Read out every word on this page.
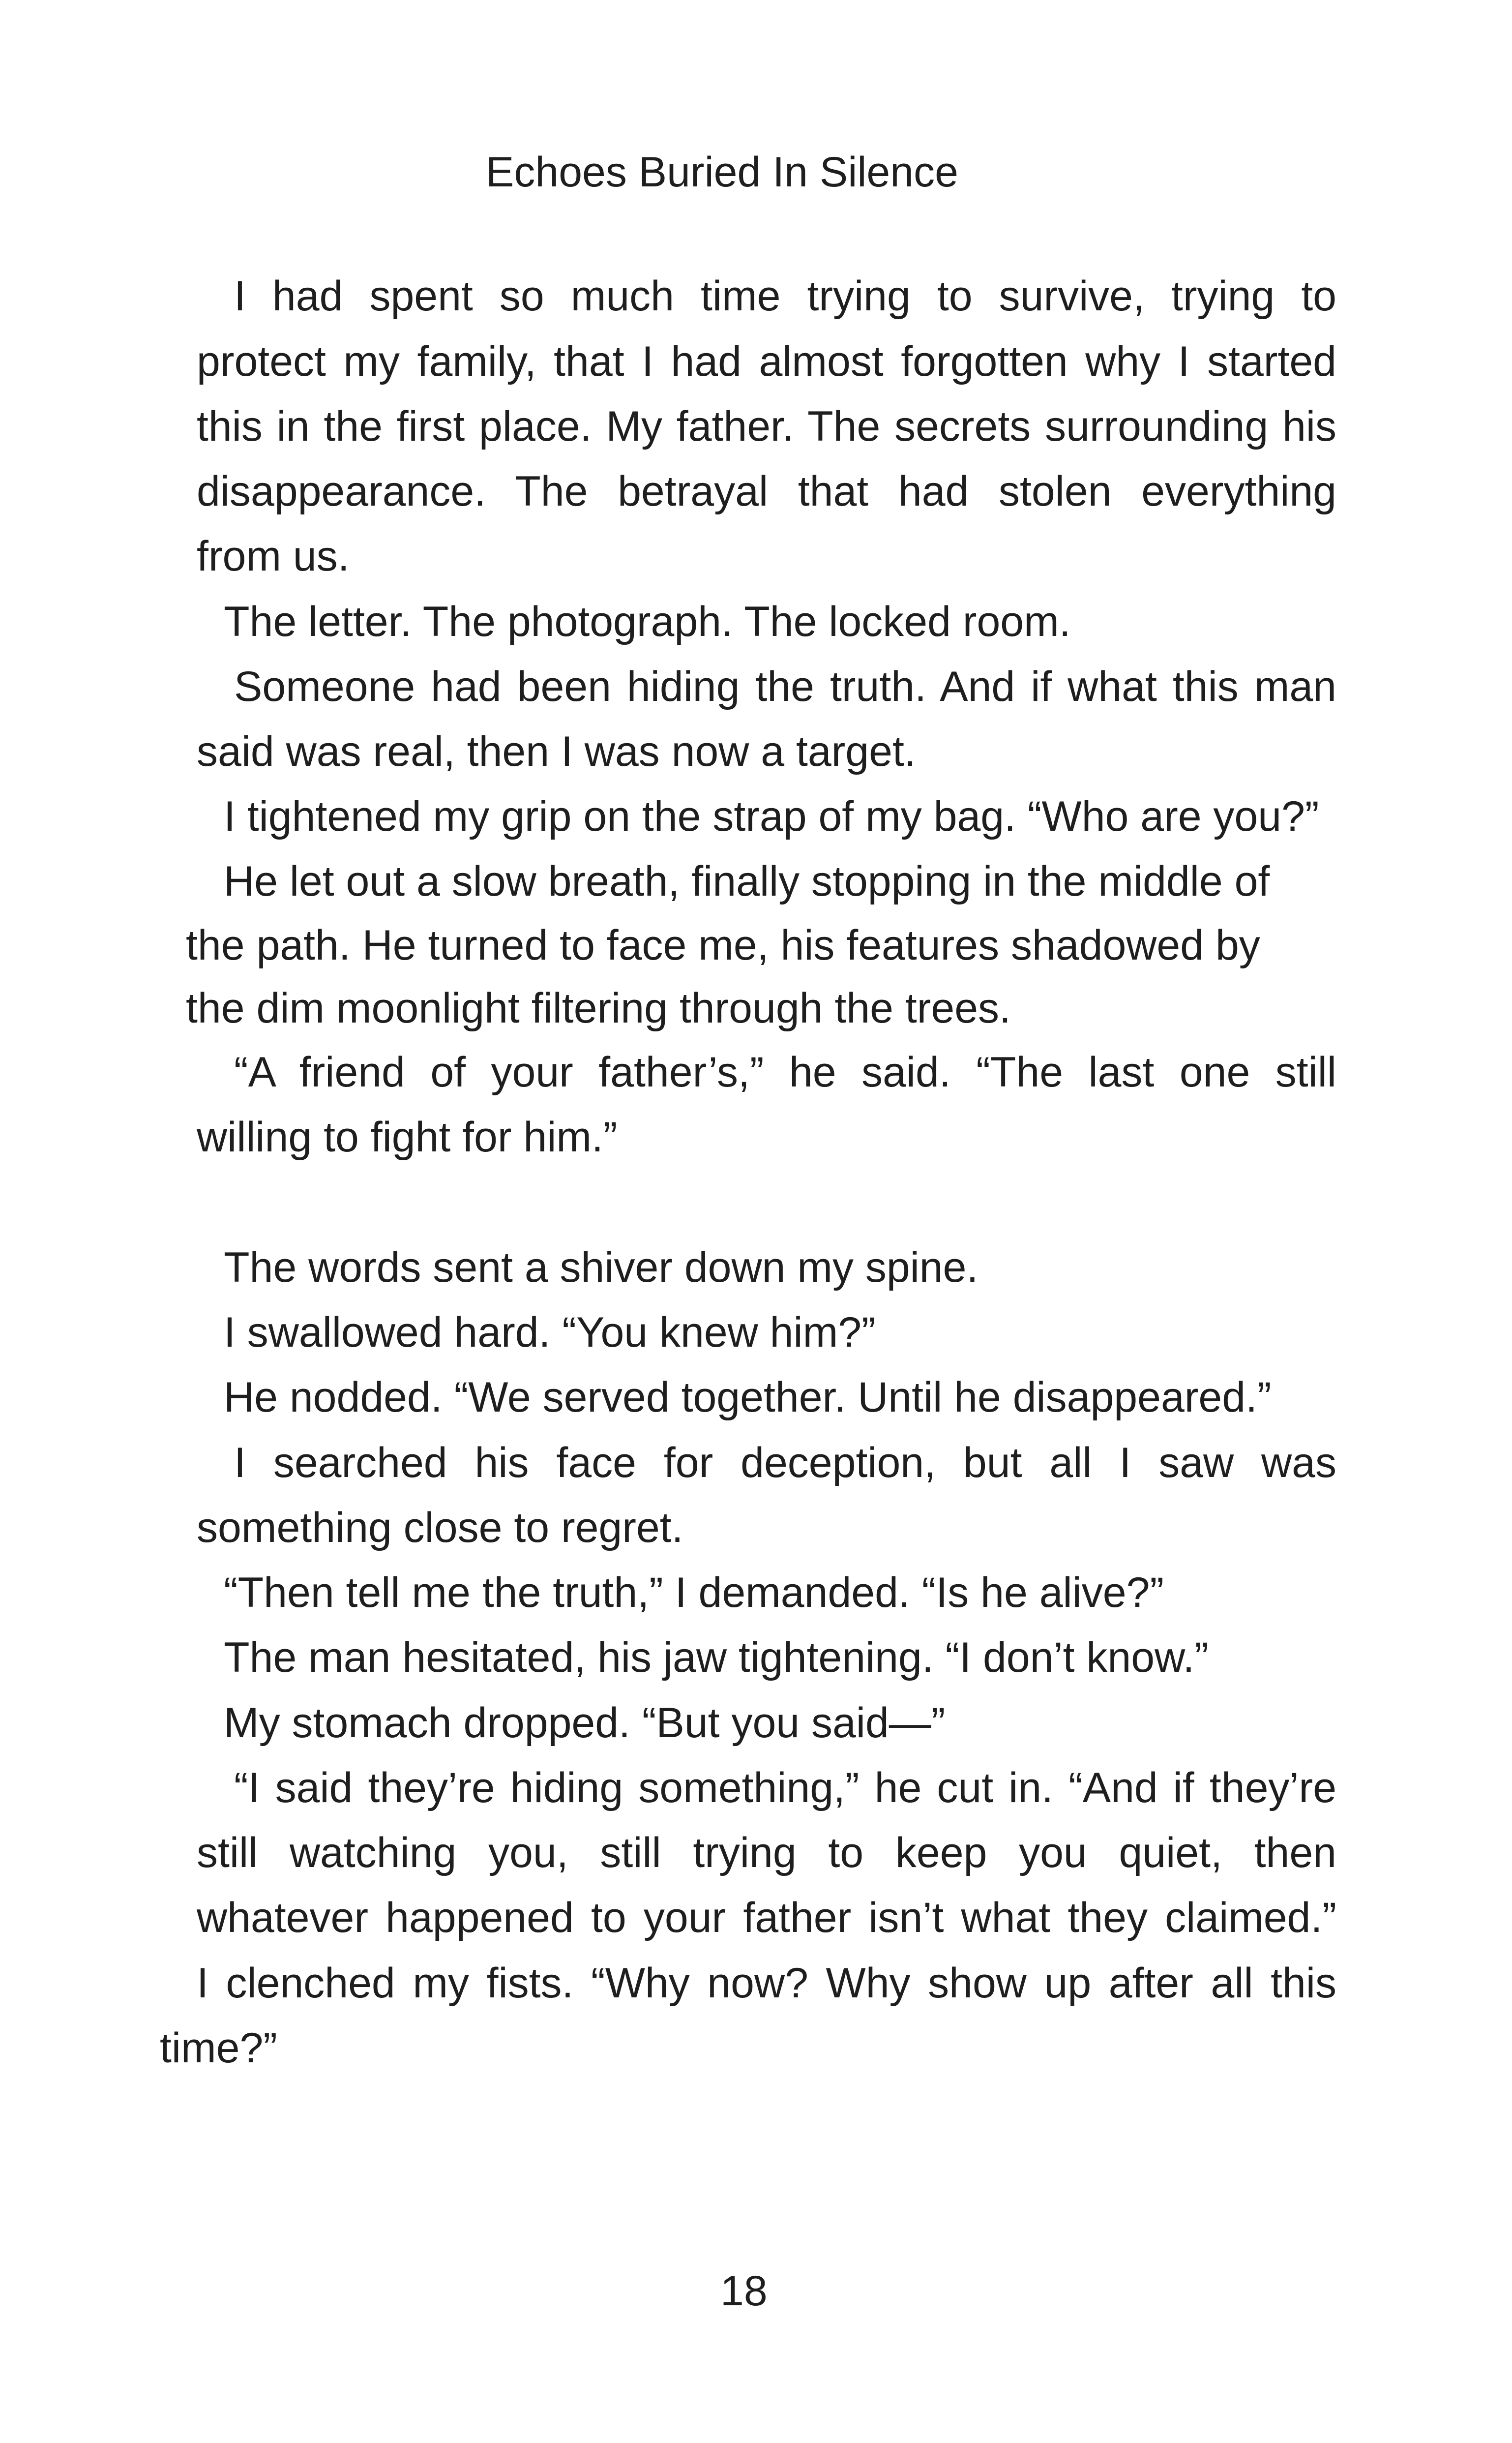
Echoes Buried In Silence
I had spent so much time trying to survive, trying to
protect my family, that I had almost forgotten why I started
this in the first place. My father. The secrets surrounding his
disappearance. The betrayal that had stolen everything
from us.
The letter. The photograph. The locked room.
Someone had been hiding the truth. And if what this man
said was real, then I was now a target.
I tightened my grip on the strap of my bag. “Who are you?”
He let out a slow breath, finally stopping in the middle of
the path. He turned to face me, his features shadowed by
the dim moonlight filtering through the trees.
“A friend of your father’s,” he said. “The last one still
willing to fight for him.”
The words sent a shiver down my spine.
I swallowed hard. “You knew him?”
He nodded. “We served together. Until he disappeared.”
I searched his face for deception, but all I saw was
something close to regret.
“Then tell me the truth,” I demanded. “Is he alive?”
The man hesitated, his jaw tightening. “I don’t know.”
My stomach dropped. “But you said—”
“I said they’re hiding something,” he cut in. “And if they’re
still watching you, still trying to keep you quiet, then
whatever happened to your father isn’t what they claimed.”
I clenched my fists. “Why now? Why show up after all this
time?”
18
